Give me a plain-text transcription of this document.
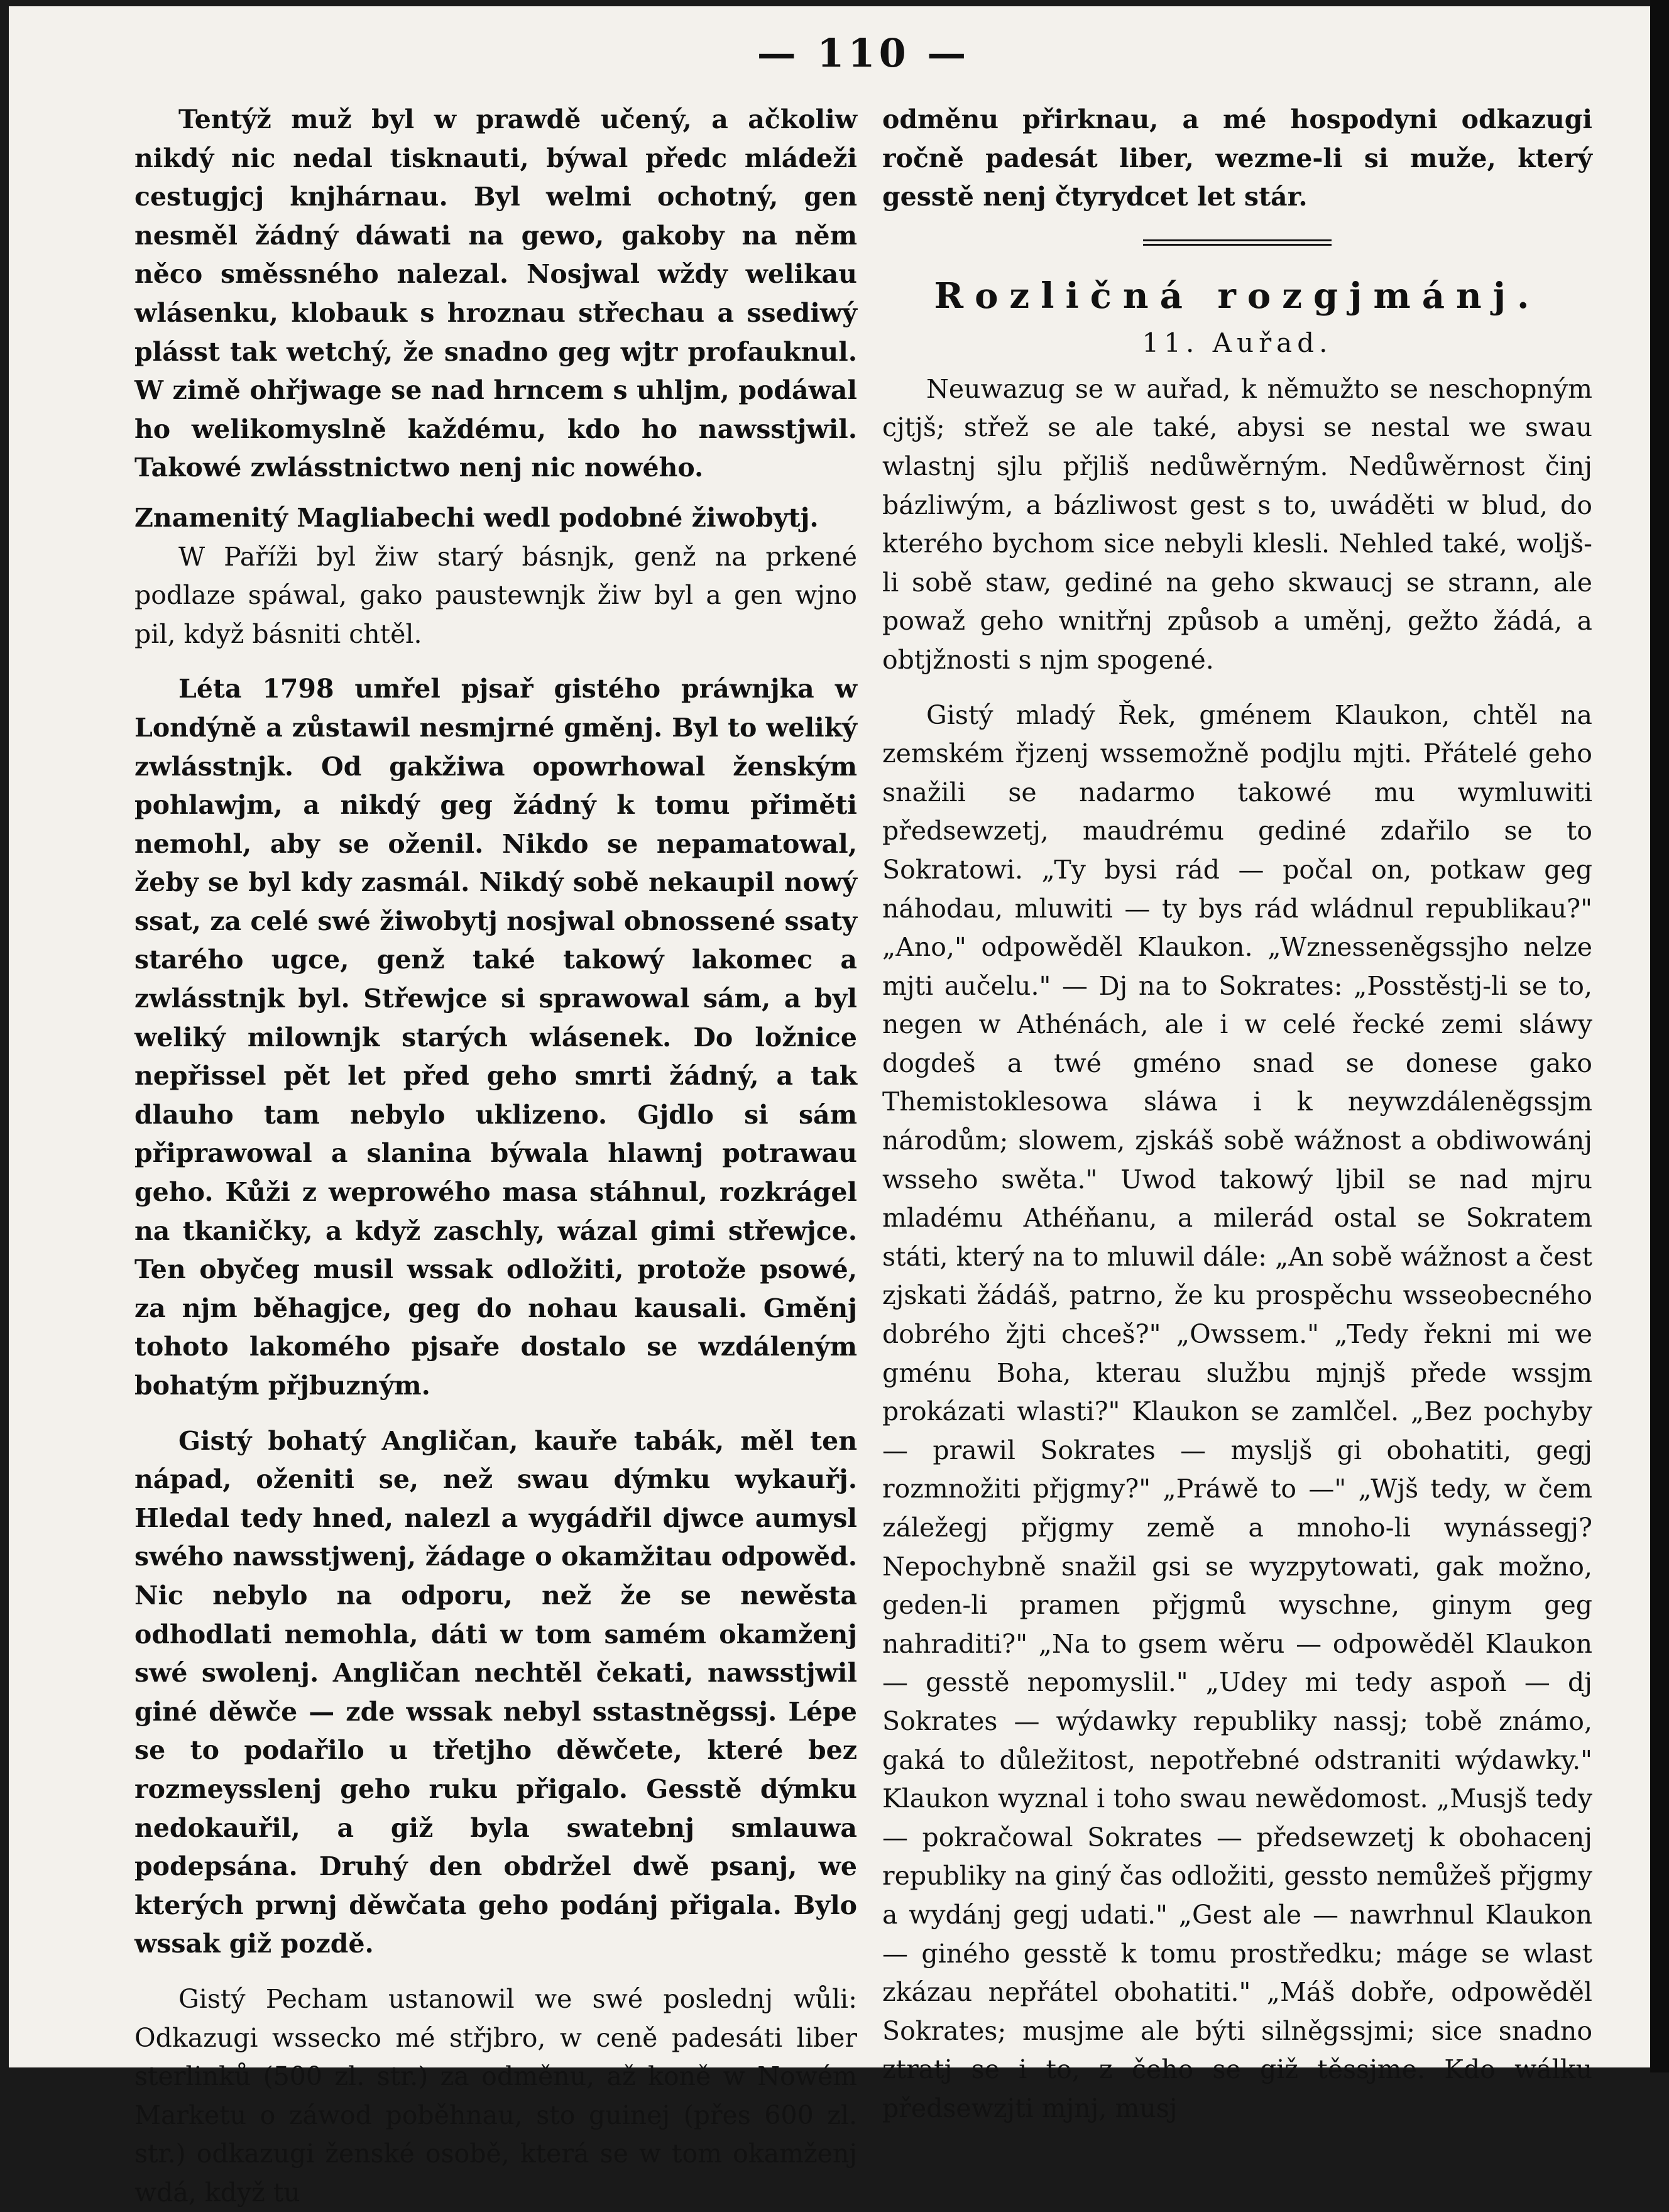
— 110 —

Tentýž muž byl w prawdě učený, a ačkoliw nikdý nic nedal tisknauti, býwal předc mládeži cestugjcj knjhárnau. Byl welmi ochotný, gen nesměl žádný dáwati na gewo, gakoby na něm něco směssného nalezal. Nosjwal wždy welikau wlásenku, klobauk s hroznau střechau a ssediwý plásst tak wetchý, že snadno geg wjtr profauknul. W zimě ohřjwage se nad hrncem s uhljm, podáwal ho welikomyslně každému, kdo ho nawsstjwil. Takowé zwlásstnictwo nenj nic nowého.

Znamenitý Magliabechi wedl podobné žiwobytj.

W Paříži byl žiw starý básnjk, genž na prkené podlaze spáwal, gako paustewnjk žiw byl a gen wjno pil, když básniti chtěl.

Léta 1798 umřel pjsař gistého práwnjka w Londýně a zůstawil nesmjrné gměnj. Byl to weliký zwlásstnjk. Od gakžiwa opowrhowal ženským pohlawjm, a nikdý geg žádný k tomu přiměti nemohl, aby se oženil. Nikdo se nepamatowal, žeby se byl kdy zasmál. Nikdý sobě nekaupil nowý ssat, za celé swé žiwobytj nosjwal obnossené ssaty starého ugce, genž také takowý lakomec a zwlásstnjk byl. Střewjce si sprawowal sám, a byl weliký milownjk starých wlásenek. Do ložnice nepřissel pět let před geho smrti žádný, a tak dlauho tam nebylo uklizeno. Gjdlo si sám připrawowal a slanina býwala hlawnj potrawau geho. Kůži z weprowého masa stáhnul, rozkrágel na tkaničky, a když zaschly, wázal gimi střewjce. Ten obyčeg musil wssak odložiti, protože psowé, za njm běhagjce, geg do nohau kausali. Gměnj tohoto lakomého pjsaře dostalo se wzdáleným bohatým přjbuzným.

Gistý bohatý Angličan, kauře tabák, měl ten nápad, oženiti se, než swau dýmku wykauřj. Hledal tedy hned, nalezl a wygádřil djwce aumysl swého nawsstjwenj, žádage o okamžitau odpowěd. Nic nebylo na odporu, než že se newěsta odhodlati nemohla, dáti w tom samém okamženj swé swolenj. Angličan nechtěl čekati, nawsstjwil giné děwče — zde wssak nebyl sstastněgssj. Lépe se to podařilo u třetjho děwčete, které bez rozmeysslenj geho ruku přigalo. Gesstě dýmku nedokauřil, a giž byla swatebnj smlauwa podepsána. Druhý den obdržel dwě psanj, we kterých prwnj děwčata geho podánj přigala. Bylo wssak giž pozdě.

Gistý Pecham ustanowil we swé poslednj wůli: Odkazugi wssecko mé střjbro, w ceně padesáti liber sterlinků (500 zl. str.) za odměnu, až koně w Nowém Marketu o záwod poběhnau, sto guinej (přes 600 zl. str.) odkazugi ženské osobě, která se w tom okamženj wdá, když tu

odměnu přirknau, a mé hospodyni odkazugi ročně padesát liber, wezme-li si muže, který gesstě nenj čtyrydcet let stár.

Rozličná rozgjmánj.
11. Auřad.

Neuwazug se w auřad, k němužto se neschopným cjtjš; střež se ale také, abysi se nestal we swau wlastnj sjlu přjliš nedůwěrným. Nedůwěrnost činj bázliwým, a bázliwost gest s to, uwáděti w blud, do kterého bychom sice nebyli klesli. Nehled také, wolјš-li sobě staw, gediné na geho skwaucj se strann, ale powaž geho wnitřnj způsob a uměnj, gežto žádá, a obtjžnosti s njm spogené.

Gistý mladý Řek, gménem Klaukon, chtěl na zemském řjzenj wssemožně podjlu mjti. Přátelé geho snažili se nadarmo takowé mu wymluwiti předsewzetj, maudrému gediné zdařilo se to Sokratowi. „Ty bysi rád — počal on, potkaw geg náhodau, mluwiti — ty bys rád wládnul republikau?" „Ano," odpowěděl Klaukon. „Wznesseněgssjho nelze mjti aučelu." — Dj na to Sokrates: „Posstěstj-li se to, negen w Athénách, ale i w celé řecké zemi sláwy dogdeš a twé gméno snad se donese gako Themistoklesowa sláwa i k neywzdáleněgssjm národům; slowem, zjskáš sobě wážnost a obdiwowánj wsseho swěta." Uwod takowý ljbil se nad mjru mladému Athéňanu, a milerád ostal se Sokratem státi, který na to mluwil dále: „An sobě wážnost a čest zjskati žádáš, patrno, že ku prospěchu wsseobecného dobrého žjti chceš?" „Owssem." „Tedy řekni mi we gménu Boha, kterau službu mjnjš přede wssjm prokázati wlasti?" Klaukon se zamlčel. „Bez pochyby — prawil Sokrates — myslјš gi obohatiti, gegj rozmnožiti přjgmy?" „Práwě to —" „Wjš tedy, w čem záležegj přjgmy země a mnoho-li wynássegj? Nepochybně snažil gsi se wyzpytowati, gak možno, geden-li pramen přjgmů wyschne, ginym geg nahraditi?" „Na to gsem wěru — odpowěděl Klaukon — gesstě nepomyslil." „Udey mi tedy aspoň — dj Sokrates — wýdawky republiky nassj; tobě známo, gaká to důležitost, nepotřebné odstraniti wýdawky." Klaukon wyznal i toho swau newědomost. „Musjš tedy — pokračowal Sokrates — předsewzetj k obohacenj republiky na giný čas odložiti, gesstо nemůžeš přjgmy a wydánj gegj udati." „Gest ale — nawrhnul Klaukon — giného gesstě k tomu prostředku; máge se wlast zkázau nepřátel obohatiti." „Máš dobře, odpowěděl Sokrates; musjme ale býti silněgssjmi; sice snadno ztratj se i to, z čeho se giž těssjme. Kdo wálku předsewzjti mjnj, musj
